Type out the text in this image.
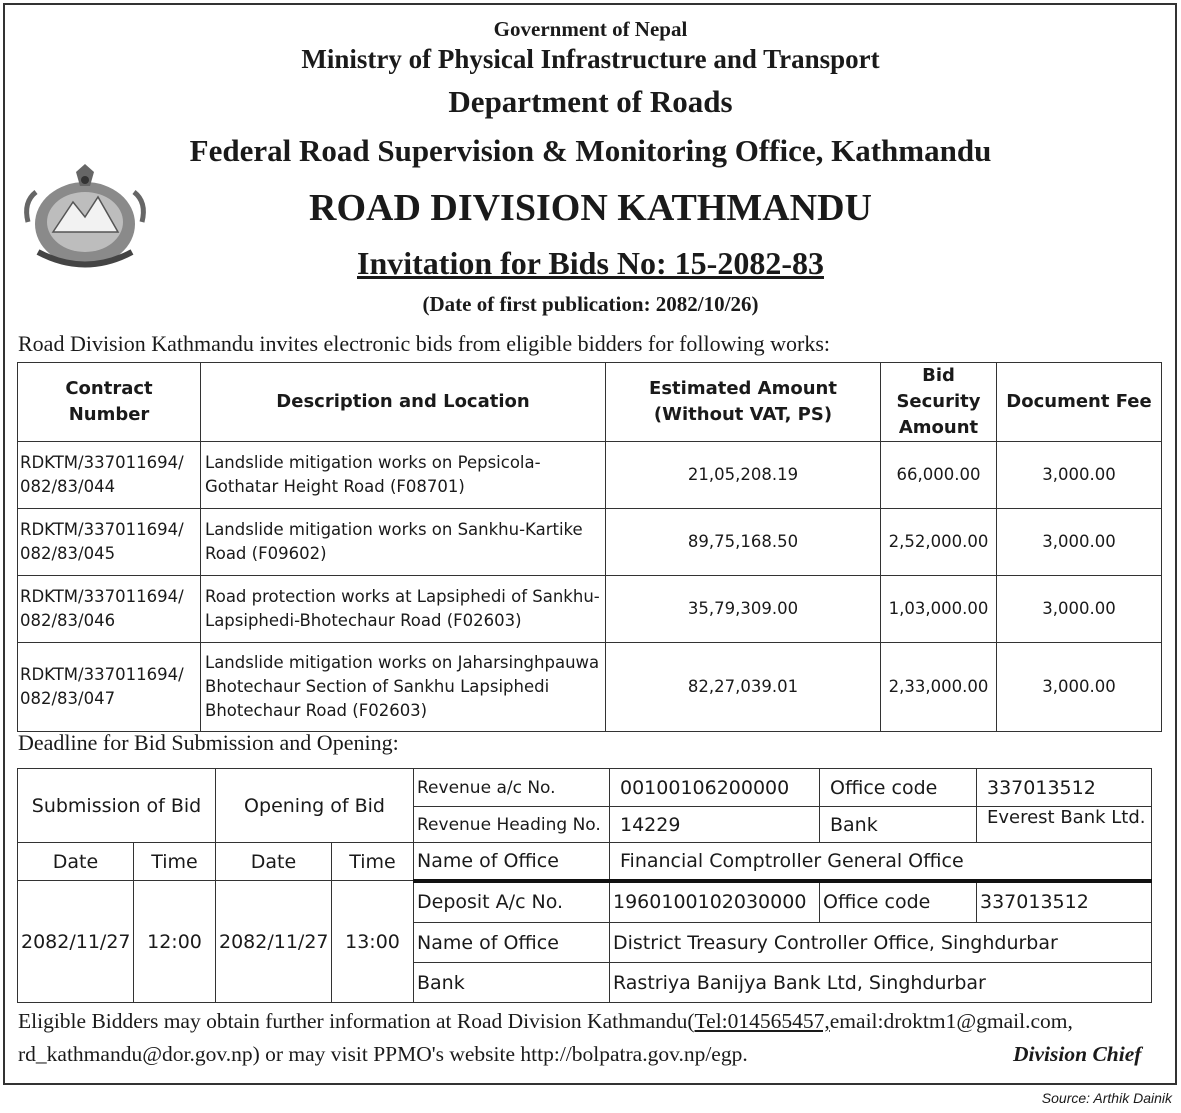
Government of Nepal
Ministry of Physical Infrastructure and Transport
Department of Roads
Federal Road Supervision & Monitoring Office, Kathmandu
ROAD DIVISION KATHMANDU
Invitation for Bids No: 15-2082-83
(Date of first publication: 2082/10/26)
Road Division Kathmandu invites electronic bids from eligible bidders for following works:
Contract Number	Description and Location	Estimated Amount (Without VAT, PS)	Bid Security Amount	Document Fee
RDKTM/337011694/
082/83/044	Landslide mitigation works on Pepsicola-Gothatar Height Road (F08701)	21,05,208.19	66,000.00	3,000.00
RDKTM/337011694/
082/83/045	Landslide mitigation works on Sankhu-Kartike Road (F09602)	89,75,168.50	2,52,000.00	3,000.00
RDKTM/337011694/
082/83/046	Road protection works at Lapsiphedi of Sankhu-Lapsiphedi-Bhotechaur Road (F02603)	35,79,309.00	1,03,000.00	3,000.00
RDKTM/337011694/
082/83/047	Landslide mitigation works on Jaharsinghpauwa Bhotechaur Section of Sankhu Lapsiphedi Bhotechaur Road (F02603)	82,27,039.01	2,33,000.00	3,000.00
Deadline for Bid Submission and Opening:
Submission of Bid		Opening of Bid		Revenue a/c No.	00100106200000	Office code	337013512
				Revenue Heading No.	14229	Bank	Everest Bank Ltd.
Date	Time	Date	Time	Name of Office	Financial Comptroller General Office		
2082/11/27	12:00	2082/11/27	13:00	Deposit A/c No.	1960100102030000	Office code	337013512
				Name of Office	District Treasury Controller Office, Singhdurbar		
				Bank	Rastriya Banijya Bank Ltd, Singhdurbar		
Eligible Bidders may obtain further information at Road Division Kathmandu(Tel:014565457,email:droktm1@gmail.com,
rd_kathmandu@dor.gov.np) or may visit PPMO's website http://bolpatra.gov.np/egp.	Division Chief
Source: Arthik Dainik
